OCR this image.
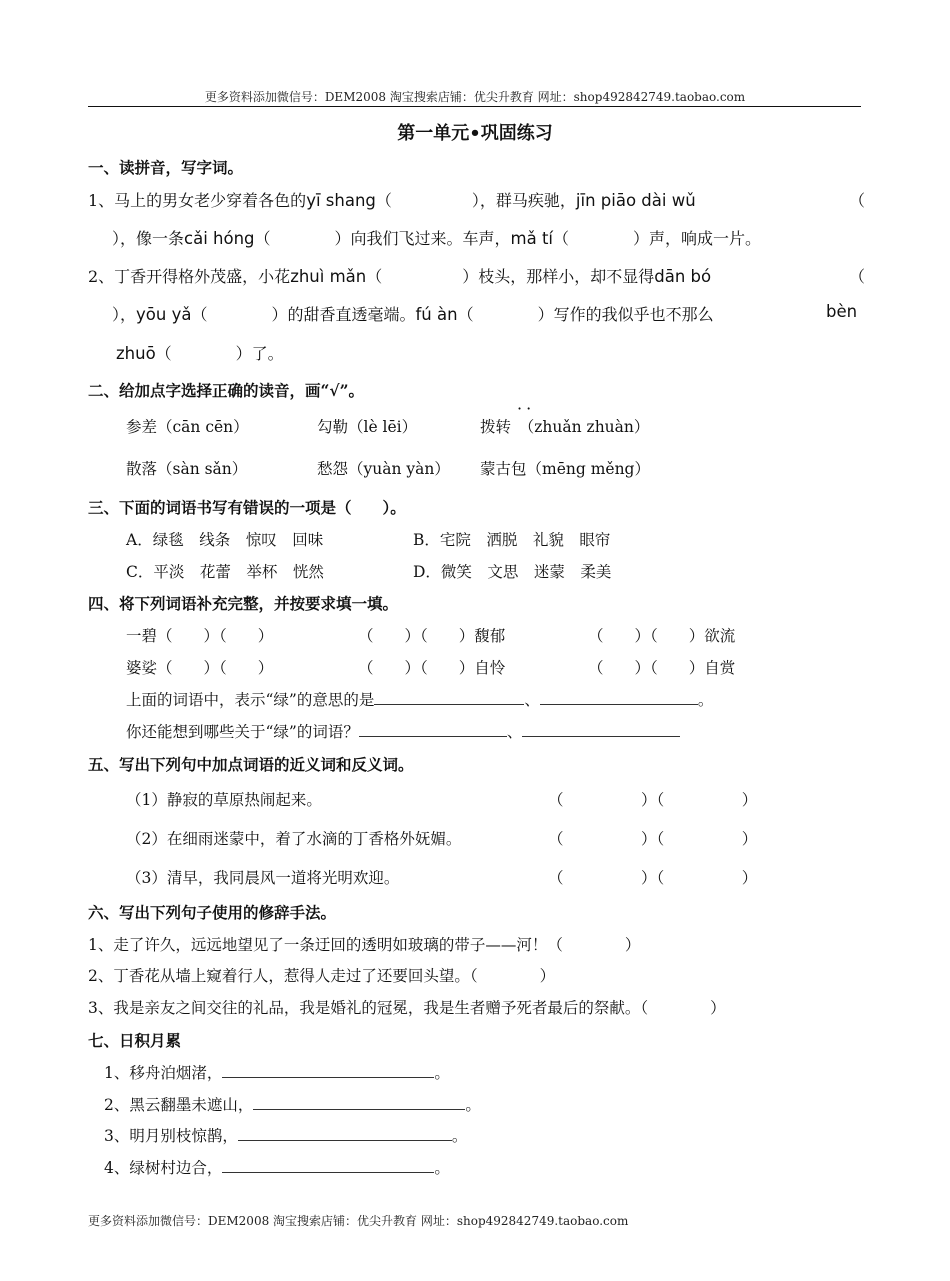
更多资料添加微信号：DEM2008 淘宝搜索店铺：优尖升教育 网址：shop492842749.taobao.com
第一单元•巩固练习
一、读拼音，写字词。
1、马上的男女老少穿着各色的yī shang（　　　　　），群马疾驰，jīn piāo dài wǔ	（
），像一条cǎi hóng（　　　　）向我们飞过来。车声，mǎ tí（　　　　）声，响成一片。
2、丁香开得格外茂盛，小花zhuì mǎn（　　　　　）枝头，那样小，却不显得dān bó	（
），yōu yǎ（　　　　）的甜香直透毫端。fú àn（　　　　）写作的我似乎也不那么	bèn
zhuō（　　　　）了。
二、给加点字选择正确的读音，画“√”。
··
参差（cān cēn）	勾勒（lè lēi）	拨转　（zhuǎn zhuàn）
散落（sàn sǎn）	愁怨（yuàn yàn） 蒙古包（mēng měng）
三、下面的词语书写有错误的一项是（　　）。
A．绿毯　线条　惊叹　回味	B．宅院　洒脱　礼貌　眼帘
C．平淡　花蕾　举杯　恍然	D．微笑　文思　迷蒙　柔美
四、将下列词语补充完整，并按要求填一填。
一碧（　　）（　　）	（　　）（　　）馥郁	（　　）（　　）欲流
婆娑（　　）（　　）	（　　）（　　）自怜	（　　）（　　）自赏
上面的词语中，表示“绿”的意思的是	、	。
你还能想到哪些关于“绿”的词语？	、
五、写出下列句中加点词语的近义词和反义词。
（1）静寂的草原热闹起来。	（　　　　　）（　　　　　）
（2）在细雨迷蒙中，着了水滴的丁香格外妩媚。	（　　　　　）（　　　　　）
（3）清早，我同晨风一道将光明欢迎。	（　　　　　）（　　　　　）
六、写出下列句子使用的修辞手法。
1、走了许久，远远地望见了一条迂回的透明如玻璃的带子——河！（　　　　）
2、丁香花从墙上窥着行人，惹得人走过了还要回头望。（　　　　）
3、我是亲友之间交往的礼品，我是婚礼的冠冕，我是生者赠予死者最后的祭献。（　　　　）
七、日积月累
1、移舟泊烟渚，	。
2、黑云翻墨未遮山，	。
3、明月别枝惊鹊，	。
4、绿树村边合，	。
更多资料添加微信号：DEM2008 淘宝搜索店铺：优尖升教育 网址：shop492842749.taobao.com
